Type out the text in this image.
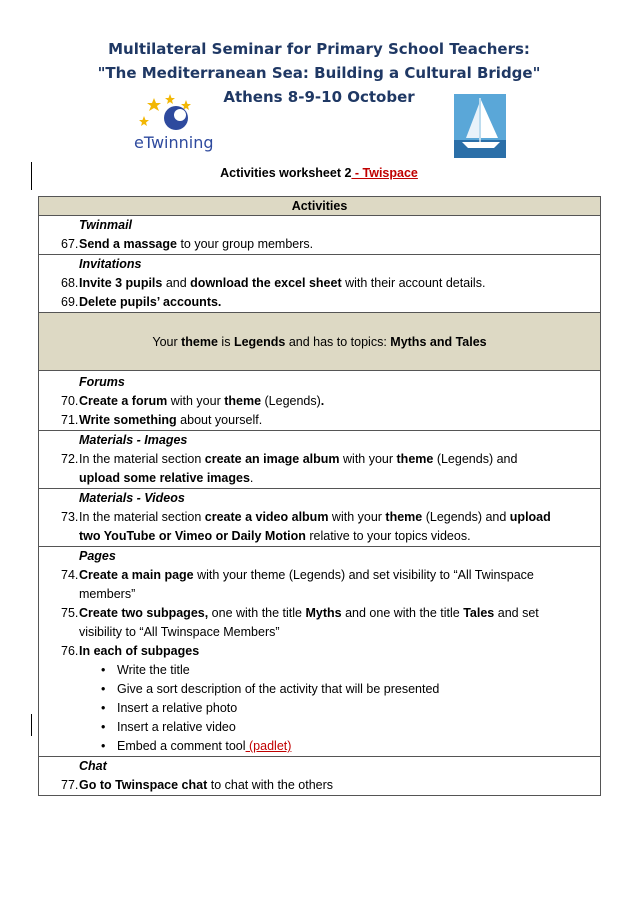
Multilateral Seminar for Primary School Teachers:
"The Mediterranean Sea: Building a Cultural Bridge"
Athens 8-9-10 October
eTwinning
Activities worksheet 2 - Twispace
Activities

Twinmail
67. Send a massage to your group members.

Invitations
68. Invite 3 pupils and download the excel sheet with their account details.
69. Delete pupils’ accounts.

Your theme is Legends and has to topics: Myths and Tales

Forums
70. Create a forum with your theme (Legends).
71. Write something about yourself.

Materials - Images
72. In the material section create an image album with your theme (Legends) and
upload some relative images.

Materials - Videos
73. In the material section create a video album with your theme (Legends) and upload
two YouTube or Vimeo or Daily Motion relative to your topics videos.

Pages
74. Create a main page with your theme (Legends) and set visibility to “All Twinspace
members”
75. Create two subpages, one with the title Myths and one with the title Tales and set
visibility to “All Twinspace Members”
76. In each of subpages
• Write the title
• Give a sort description of the activity that will be presented
• Insert a relative photo
• Insert a relative video
• Embed a comment tool (padlet)

Chat
77. Go to Twinspace chat to chat with the others
